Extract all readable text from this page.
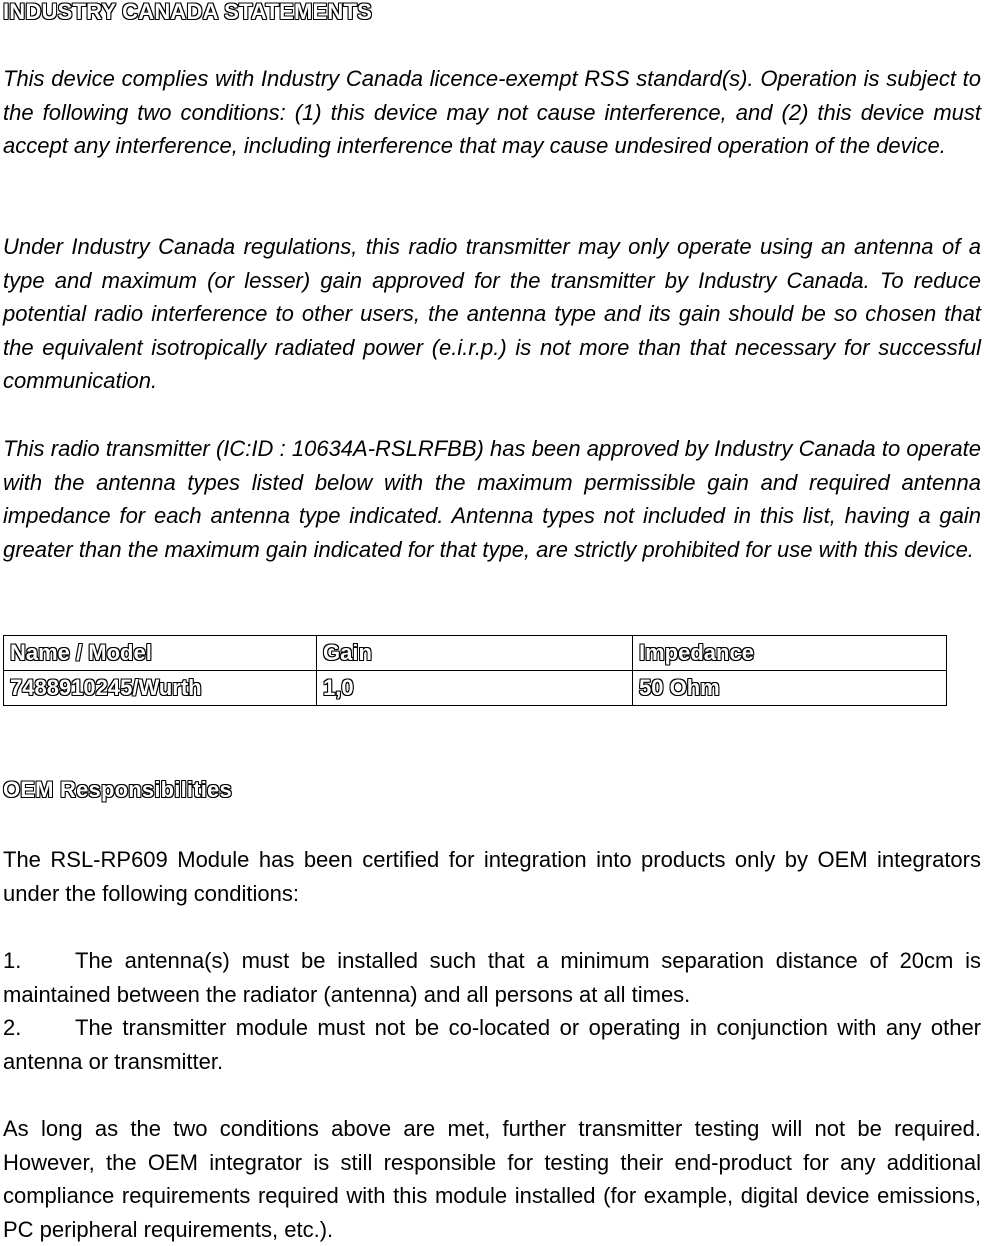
INDUSTRY CANADA STATEMENTS

This device complies with Industry Canada licence-exempt RSS standard(s). Operation is subject to the following two conditions: (1) this device may not cause interference, and (2) this device must accept any interference, including interference that may cause undesired operation of the device.

Under Industry Canada regulations, this radio transmitter may only operate using an antenna of a type and maximum (or lesser) gain approved for the transmitter by Industry Canada. To reduce potential radio interference to other users, the antenna type and its gain should be so chosen that the equivalent isotropically radiated power (e.i.r.p.) is not more than that necessary for successful communication.

This radio transmitter (IC:ID : 10634A-RSLRFBB) has been approved by Industry Canada to operate with the antenna types listed below with the maximum permissible gain and required antenna impedance for each antenna type indicated. Antenna types not included in this list, having a gain greater than the maximum gain indicated for that type, are strictly prohibited for use with this device.

Name / Model	Gain	Impedance
7488910245/Wurth	1,0	50 Ohm
OEM Responsibilities

The RSL-RP609 Module has been certified for integration into products only by OEM integrators under the following conditions:

1. The antenna(s) must be installed such that a minimum separation distance of 20cm is maintained between the radiator (antenna) and all persons at all times.

2. The transmitter module must not be co-located or operating in conjunction with any other antenna or transmitter.

As long as the two conditions above are met, further transmitter testing will not be required. However, the OEM integrator is still responsible for testing their end-product for any additional compliance requirements required with this module installed (for example, digital device emissions, PC peripheral requirements, etc.).
